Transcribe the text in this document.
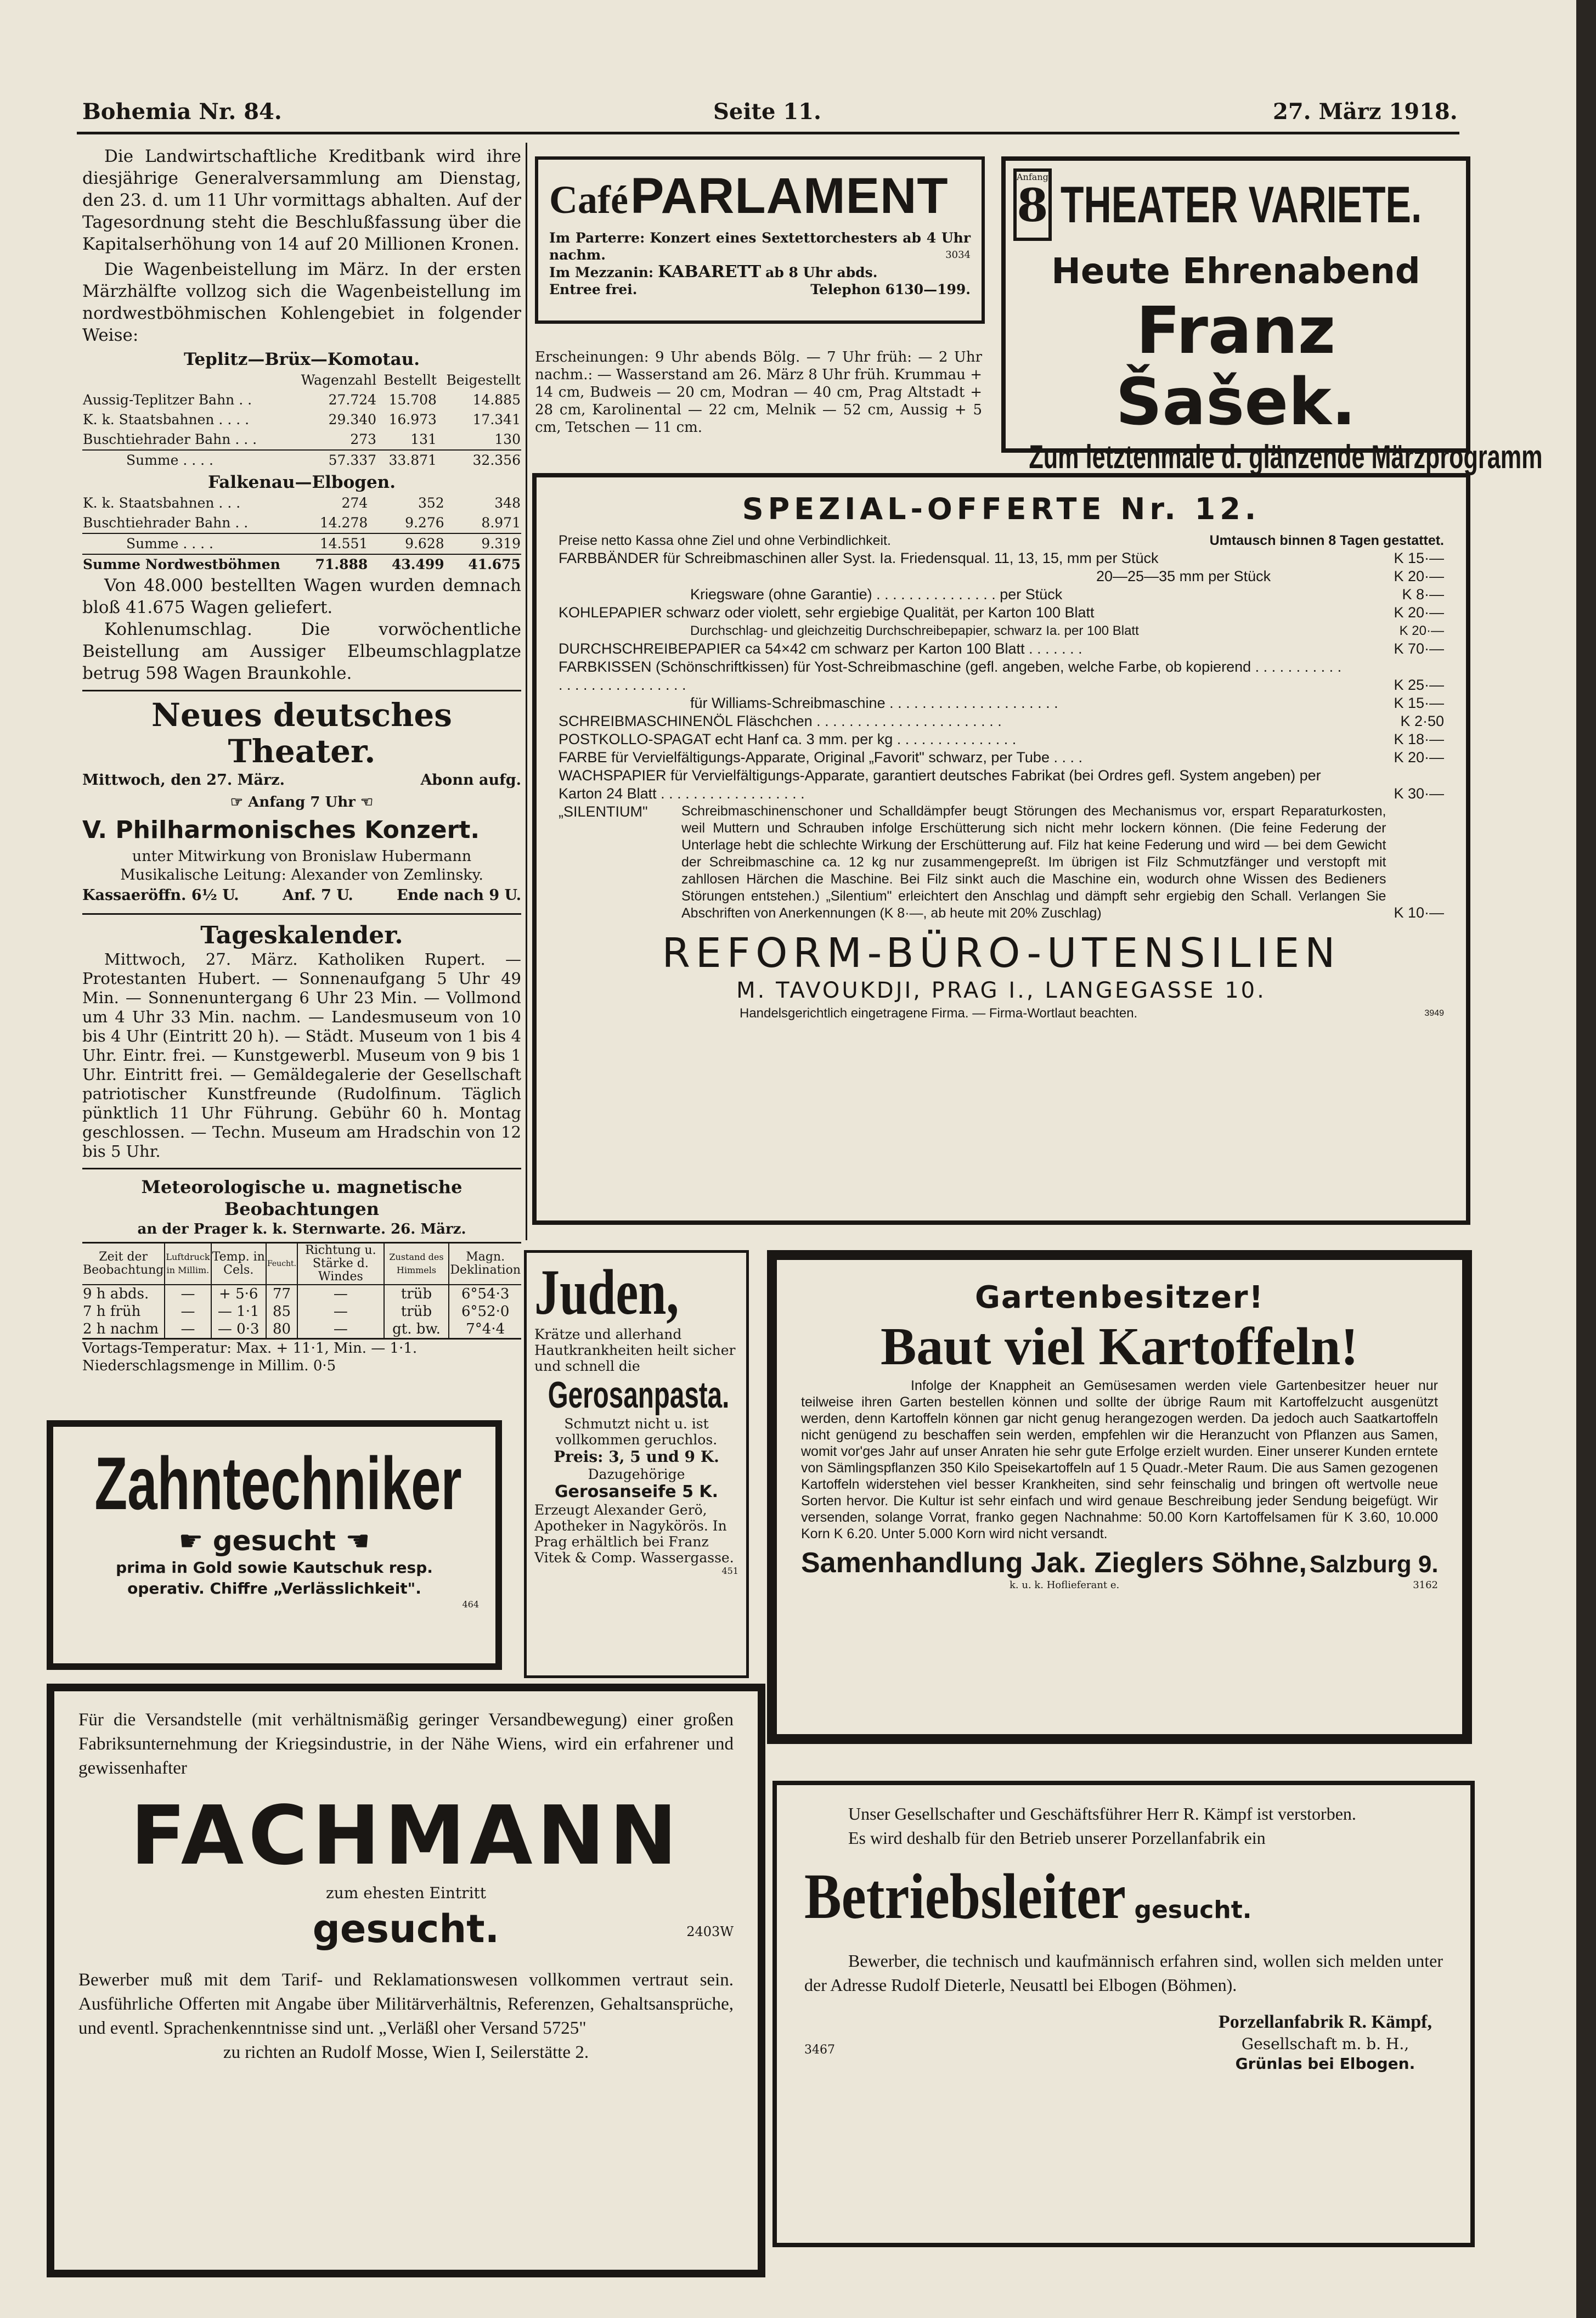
Bohemia Nr. 84.	Seite 11.	27. März 1918.

Die Landwirtschaftliche Kreditbank wird ihre diesjährige Generalversammlung am Dienstag, den 23. d. um 11 Uhr vormittags abhalten. Auf der Tagesordnung steht die Beschlußfassung über die Kapitalserhöhung von 14 auf 20 Millionen Kronen.

Die Wagenbeistellung im März. In der ersten Märzhälfte vollzog sich die Wagenbeistellung im nordwestböhmischen Kohlengebiet in folgender Weise:

Teplitz—Brüx—Komotau.

	Wagenzahl	Bestellt	Beigestellt
Aussig-Teplitzer Bahn . .	27.724	15.708	14.885
K. k. Staatsbahnen . . . .	29.340	16.973	17.341
Buschtiehrader Bahn . . .	273	131	130
Summe . . . .	57.337	33.871	32.356

Falkenau—Elbogen.

K. k. Staatsbahnen . . .	274	352	348
Buschtiehrader Bahn . .	14.278	9.276	8.971
Summe . . . .	14.551	9.628	9.319
Summe Nordwestböhmen	71.888	43.499	41.675

Von 48.000 bestellten Wagen wurden demnach bloß 41.675 Wagen geliefert.

Kohlenumschlag. Die vorwöchentliche Beistellung am Aussiger Elbeumschlagplatze betrug 598 Wagen Braunkohle.

Neues deutsches Theater.

Mittwoch, den 27. März.	Abonn aufg.

☞ Anfang 7 Uhr ☜

V. Philharmonisches Konzert.

unter Mitwirkung von Bronislaw Hubermann

Musikalische Leitung: Alexander von Zemlinsky.

Kassaeröffn. 6½ U.	Anf. 7 U.	Ende nach 9 U.

Tageskalender.

Mittwoch, 27. März. Katholiken Rupert. — Protestanten Hubert. — Sonnenaufgang 5 Uhr 49 Min. — Sonnenuntergang 6 Uhr 23 Min. — Vollmond um 4 Uhr 33 Min. nachm. — Landesmuseum von 10 bis 4 Uhr (Eintritt 20 h). — Städt. Museum von 1 bis 4 Uhr. Eintr. frei. — Kunstgewerbl. Museum von 9 bis 1 Uhr. Eintritt frei. — Gemäldegalerie der Gesellschaft patriotischer Kunstfreunde (Rudolfinum. Täglich pünktlich 11 Uhr Führung. Gebühr 60 h. Montag geschlossen. — Techn. Museum am Hradschin von 12 bis 5 Uhr.

Meteorologische u. magnetische Beobachtungen

an der Prager k. k. Sternwarte. 26. März.

Zeit der Beobachtung	Luftdruck in Millim.	Temp. in Cels.	Feucht.	Richtung u. Stärke d. Windes	Zustand des Himmels	Magn. Deklination
9 h abds.	—	+ 5·6	77	—	trüb	6°54·3
7 h früh	—	— 1·1	85	—	trüb	6°52·0
2 h nachm	—	— 0·3	80	—	gt. bw.	7°4·4

Vortags-Temperatur: Max. + 11·1, Min. — 1·1.

Niederschlagsmenge in Millim. 0·5

Café PARLAMENT
Im Parterre: Konzert eines Sextettorchesters ab 4 Uhr nachm.	3034
Im Mezzanin: KABARETT ab 8 Uhr abds.
Entree frei.	Telephon 6130—199.

Erscheinungen: 9 Uhr abends Bölg. — 7 Uhr früh: — 2 Uhr nachm.: — Wasserstand am 26. März 8 Uhr früh. Krummau + 14 cm, Budweis — 20 cm, Modran — 40 cm, Prag Altstadt + 28 cm, Karolinental — 22 cm, Melnik — 52 cm, Aussig + 5 cm, Tetschen — 11 cm.

Anfang
8 THEATER VARIETE.
Heute Ehrenabend
Franz Šašek.
Zum letztenmale d. glänzende Märzprogramm
SPEZIAL-OFFERTE Nr. 12.
Preise netto Kassa ohne Ziel und ohne Verbindlichkeit.	Umtausch binnen 8 Tagen gestattet.
FARBBÄNDER für Schreibmaschinen aller Syst. Ia. Friedensqual. 11, 13, 15, mm per Stück	K 15·—
20—25—35 mm per Stück	K 20·—
Kriegsware (ohne Garantie) . . . . . . . . . . . . . . . per Stück	K 8·—
KOHLEPAPIER schwarz oder violett, sehr ergiebige Qualität, per Karton 100 Blatt	K 20·—
Durchschlag- und gleichzeitig Durchschreibepapier, schwarz Ia. per 100 Blatt	K 20·—
DURCHSCHREIBEPAPIER ca 54×42 cm schwarz per Karton 100 Blatt . . . . . . .	K 70·—
FARBKISSEN (Schönschriftkissen) für Yost-Schreibmaschine (gefl. angeben, welche Farbe, ob kopierend . . . . . . . . . . . . . . . . . . . . . . . . . . .	K 25·—
für Williams-Schreibmaschine . . . . . . . . . . . . . . . . . . . . .	K 15·—
SCHREIBMASCHINENÖL Fläschchen . . . . . . . . . . . . . . . . . . . . . . .	K 2·50
POSTKOLLO-SPAGAT echt Hanf ca. 3 mm. per kg . . . . . . . . . . . . . . .	K 18·—
FARBE für Vervielfältigungs-Apparate, Original „Favorit" schwarz, per Tube . . . .	K 20·—
WACHSPAPIER für Vervielfältigungs-Apparate, garantiert deutsches Fabrikat (bei Ordres gefl. System angeben) per Karton 24 Blatt . . . . . . . . . . . . . . . . . .	K 30·—
„SILENTIUM"	Schreibmaschinenschoner und Schalldämpfer beugt Störungen des Mechanismus vor, erspart Reparaturkosten, weil Muttern und Schrauben infolge Erschütterung sich nicht mehr lockern können. (Die feine Federung der Unterlage hebt die schlechte Wirkung der Erschütterung auf. Filz hat keine Federung und wird — bei dem Gewicht der Schreibmaschine ca. 12 kg nur zusammengepreßt. Im übrigen ist Filz Schmutzfänger und verstopft mit zahllosen Härchen die Maschine. Bei Filz sinkt auch die Maschine ein, wodurch ohne Wissen des Bedieners Störungen entstehen.) „Silentium" erleichtert den Anschlag und dämpft sehr ergiebig den Schall. Verlangen Sie Abschriften von Anerkennungen (K 8·—, ab heute mit 20% Zuschlag)	K 10·—
REFORM-BÜRO-UTENSILIEN
M. TAVOUKDJI, PRAG I., LANGEGASSE 10.
Handelsgerichtlich eingetragene Firma. — Firma-Wortlaut beachten.	3949
Zahntechniker
☛ gesucht ☚
prima in Gold sowie Kautschuk resp.
operativ. Chiffre „Verlässlichkeit".
464
Juden,
Krätze und allerhand Hautkrankheiten heilt sicher und schnell die
Gerosanpasta.
Schmutzt nicht u. ist vollkommen geruchlos.
Preis: 3, 5 und 9 K.
Dazugehörige
Gerosanseife 5 K.
Erzeugt Alexander Gerö, Apotheker in Nagykörös. In Prag erhältlich bei Franz Vitek & Comp. Wassergasse.
451
Gartenbesitzer!
Baut viel Kartoffeln!
Infolge der Knappheit an Gemüsesamen werden viele Gartenbesitzer heuer nur teilweise ihren Garten bestellen können und sollte der übrige Raum mit Kartoffelzucht ausgenützt werden, denn Kartoffeln können gar nicht genug herangezogen werden. Da jedoch auch Saatkartoffeln nicht genügend zu beschaffen sein werden, empfehlen wir die Heranzucht von Pflanzen aus Samen, womit vor'ges Jahr auf unser Anraten hie sehr gute Erfolge erzielt wurden. Einer unserer Kunden erntete von Sämlingspflanzen 350 Kilo Speisekartoffeln auf 1 5 Quadr.-Meter Raum. Die aus Samen gezogenen Kartoffeln widerstehen viel besser Krankheiten, sind sehr feinschalig und bringen oft wertvolle neue Sorten hervor. Die Kultur ist sehr einfach und wird genaue Beschreibung jeder Sendung beigefügt. Wir versenden, solange Vorrat, franko gegen Nachnahme: 50.00 Korn Kartoffelsamen für K 3.60, 10.000 Korn K 6.20. Unter 5.000 Korn wird nicht versandt.
Samenhandlung Jak. Zieglers Söhne, Salzburg 9.
k. u. k. Hoflieferant e.	3162
Für die Versandstelle (mit verhältnismäßig geringer Versandbewegung) einer großen Fabriksunternehmung der Kriegsindustrie, in der Nähe Wiens, wird ein erfahrener und gewissenhafter
FACHMANN
zum ehesten Eintritt
gesucht.	2403W
Bewerber muß mit dem Tarif- und Reklamationswesen vollkommen vertraut sein. Ausführliche Offerten mit Angabe über Militärverhältnis, Referenzen, Gehaltsansprüche, und eventl. Sprachenkenntnisse sind unt. „Verläßl oher Versand 5725"
zu richten an Rudolf Mosse, Wien I, Seilerstätte 2.
Unser Gesellschafter und Geschäftsführer Herr R. Kämpf ist verstorben.
Es wird deshalb für den Betrieb unserer Porzellanfabrik ein
Betriebsleiter gesucht.
Bewerber, die technisch und kaufmännisch erfahren sind, wollen sich melden unter der Adresse Rudolf Dieterle, Neusattl bei Elbogen (Böhmen).
3467
Porzellanfabrik R. Kämpf,
Gesellschaft m. b. H.,
Grünlas bei Elbogen.
